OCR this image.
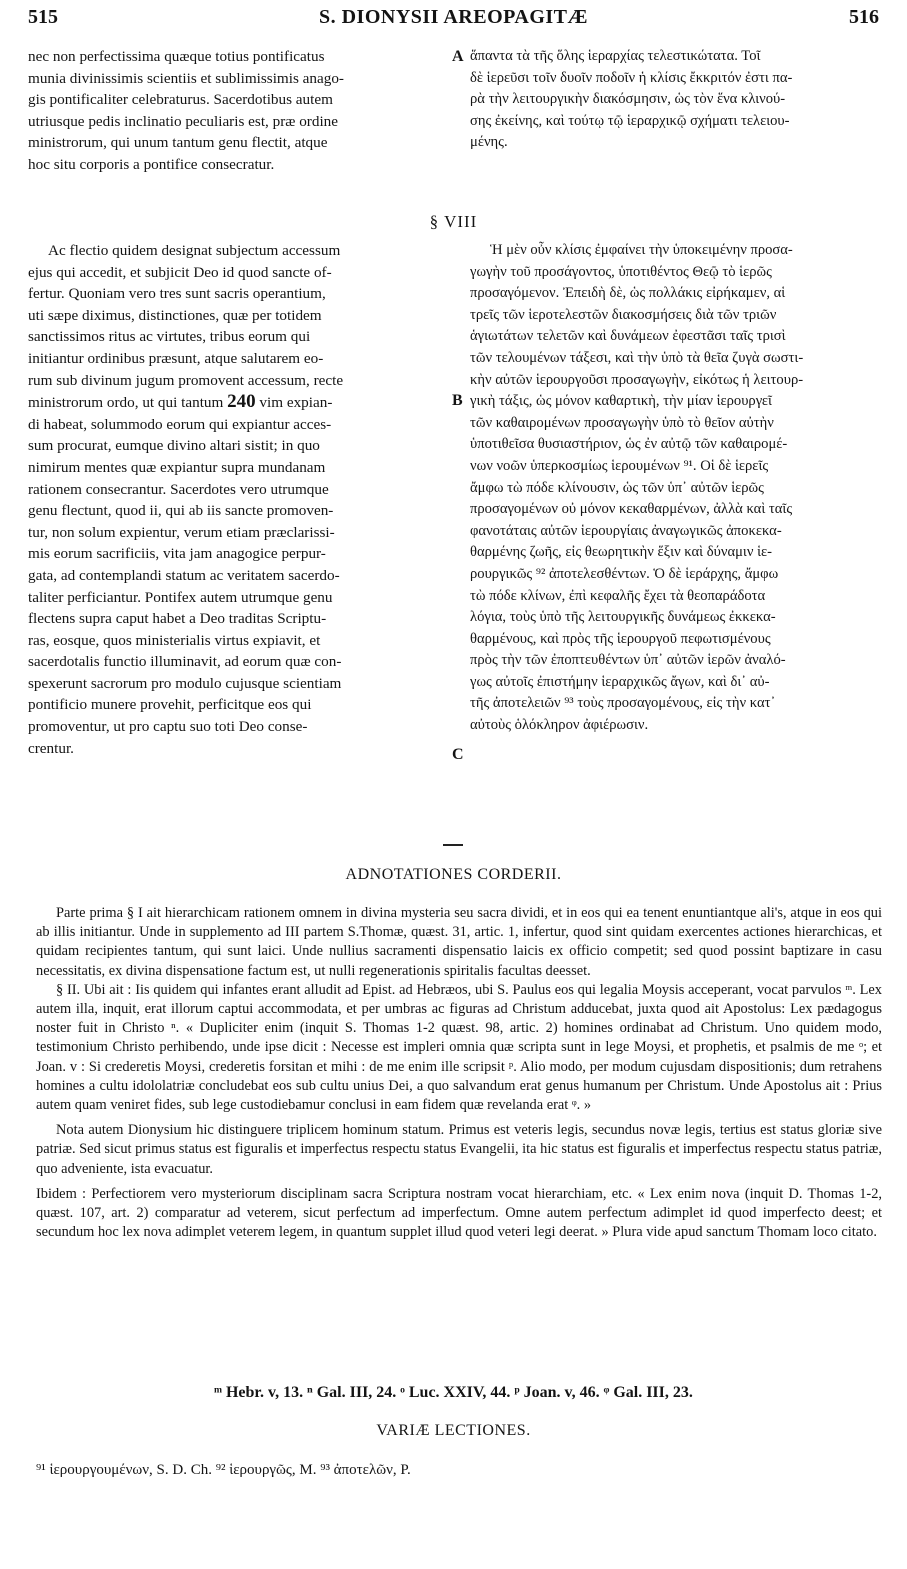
515	S. DIONYSII AREOPAGITÆ	516
nec non perfectissima quæque totius pontificatus
munia divinissimis scientiis et sublimissimis anago-
gis pontificaliter celebraturus. Sacerdotibus autem
utriusque pedis inclinatio peculiaris est, præ ordine
ministrorum, qui unum tantum genu flectit, atque
hoc situ corporis a pontifice consecratur.
A ἅπαντα τὰ τῆς ὅλης ἱεραρχίας τελεστικώτατα. Τοῖ
δὲ ἱερεῦσι τοῖν δυοῖν ποδοῖν ἡ κλίσις ἔκκριτόν ἐστι πα-
ρὰ τὴν λειτουργικὴν διακόσμησιν, ὡς τὸν ἕνα κλινού-
σης ἐκείνης, καὶ τούτῳ τῷ ἱεραρχικῷ σχήματι τελειου-
μένης.
§ VIII
Ac flectio quidem designat subjectum accessum
ejus qui accedit, et subjicit Deo id quod sancte of-
fertur. Quoniam vero tres sunt sacris operantium,
uti sæpe diximus, distinctiones, quæ per totidem
sanctissimos ritus ac virtutes, tribus eorum qui
initiantur ordinibus præsunt, atque salutarem eo-
rum sub divinum jugum promovent accessum, recte
ministrorum ordo, ut qui tantum 240 vim expian-
di habeat, solummodo eorum qui expiantur acces-
sum procurat, eumque divino altari sistit; in quo
nimirum mentes quæ expiantur supra mundanam
rationem consecrantur. Sacerdotes vero utrumque
genu flectunt, quod ii, qui ab iis sancte promoven-
tur, non solum expientur, verum etiam præclarissi-
mis eorum sacrificiis, vita jam anagogice perpur-
gata, ad contemplandi statum ac veritatem sacerdo-
taliter perficiantur. Pontifex autem utrumque genu
flectens supra caput habet a Deo traditas Scriptu-
ras, eosque, quos ministerialis virtus expiavit, et
sacerdotalis functio illuminavit, ad eorum quæ con-
spexerunt sacrorum pro modulo cujusque scientiam
pontificio munere provehit, perficitque eos qui
promoventur, ut pro captu suo toti Deo conse-
crentur.
B
C
Ἡ μὲν οὖν κλίσις ἐμφαίνει τὴν ὑποκειμένην προσα-
γωγὴν τοῦ προσάγοντος, ὑποτιθέντος Θεῷ τὸ ἱερῶς
προσαγόμενον. Ἐπειδὴ δὲ, ὡς πολλάκις εἰρήκαμεν, αἱ
τρεῖς τῶν ἱεροτελεστῶν διακοσμήσεις διὰ τῶν τριῶν
ἁγιωτάτων τελετῶν καὶ δυνάμεων ἐφεστᾶσι ταῖς τρισὶ
τῶν τελουμένων τάξεσι, καὶ τὴν ὑπὸ τὰ θεῖα ζυγὰ σωστι-
κὴν αὐτῶν ἱερουργοῦσι προσαγωγὴν, εἰκότως ἡ λειτουρ-
γικὴ τάξις, ὡς μόνον καθαρτικὴ, τὴν μίαν ἱερουργεῖ
τῶν καθαιρομένων προσαγωγὴν ὑπὸ τὸ θεῖον αὐτὴν
ὑποτιθεῖσα θυσιαστήριον, ὡς ἐν αὐτῷ τῶν καθαιρομέ-
νων νοῶν ὑπερκοσμίως ἱερουμένων ⁹¹. Οἱ δὲ ἱερεῖς
ἄμφω τὼ πόδε κλίνουσιν, ὡς τῶν ὑπ᾽ αὐτῶν ἱερῶς
προσαγομένων οὐ μόνον κεκαθαρμένων, ἀλλὰ καὶ ταῖς
φανοτάταις αὐτῶν ἱερουργίαις ἀναγωγικῶς ἀποκεκα-
θαρμένης ζωῆς, εἰς θεωρητικὴν ἕξιν καὶ δύναμιν ἱε-
ρουργικῶς ⁹² ἀποτελεσθέντων. Ὁ δὲ ἱεράρχης, ἄμφω
τὼ πόδε κλίνων, ἐπὶ κεφαλῆς ἔχει τὰ θεοπαράδοτα
λόγια, τοὺς ὑπὸ τῆς λειτουργικῆς δυνάμεως ἐκκεκα-
θαρμένους, καὶ πρὸς τῆς ἱερουργοῦ πεφωτισμένους
πρὸς τὴν τῶν ἐποπτευθέντων ὑπ᾽ αὐτῶν ἱερῶν ἀναλό-
γως αὐτοῖς ἐπιστήμην ἱεραρχικῶς ἄγων, καὶ δι᾽ αὐ-
τῆς ἀποτελειῶν ⁹³ τοὺς προσαγομένους, εἰς τὴν κατ᾽
αὐτοὺς ὁλόκληρον ἀφιέρωσιν.
ADNOTATIONES CORDERII.

Parte prima § I ait hierarchicam rationem omnem in divina mysteria seu sacra dividi, et in eos qui ea tenent enuntiantque ali's, atque in eos qui ab illis initiantur. Unde in supplemento ad III partem S.Thomæ, quæst. 31, artic. 1, infertur, quod sint quidam exercentes actiones hierarchicas, et quidam recipientes tantum, qui sunt laici. Unde nullius sacramenti dispensatio laicis ex officio competit; sed quod possint baptizare in casu necessitatis, ex divina dispensatione factum est, ut nulli regenerationis spiritalis facultas deesset.

§ II. Ubi ait : Iis quidem qui infantes erant alludit ad Epist. ad Hebræos, ubi S. Paulus eos qui legalia Moysis acceperant, vocat parvulos ᵐ. Lex autem illa, inquit, erat illorum captui accommodata, et per umbras ac figuras ad Christum adducebat, juxta quod ait Apostolus: Lex pædagogus noster fuit in Christo ⁿ. « Dupliciter enim (inquit S. Thomas 1-2 quæst. 98, artic. 2) homines ordinabat ad Christum. Uno quidem modo, testimonium Christo perhibendo, unde ipse dicit : Necesse est impleri omnia quæ scripta sunt in lege Moysi, et prophetis, et psalmis de me ᵒ; et Joan. v : Si crederetis Moysi, crederetis forsitan et mihi : de me enim ille scripsit ᵖ. Alio modo, per modum cujusdam dispositionis; dum retrahens homines a cultu idololatriæ concludebat eos sub cultu unius Dei, a quo salvandum erat genus humanum per Christum. Unde Apostolus ait : Prius autem quam veniret fides, sub lege custodiebamur conclusi in eam fidem quæ revelanda erat ᵠ. »

Nota autem Dionysium hic distinguere triplicem hominum statum. Primus est veteris legis, secundus novæ legis, tertius est status gloriæ sive patriæ. Sed sicut primus status est figuralis et imperfectus respectu status Evangelii, ita hic status est figuralis et imperfectus respectu status patriæ, quo adveniente, ista evacuatur.

Ibidem : Perfectiorem vero mysteriorum disciplinam sacra Scriptura nostram vocat hierarchiam, etc. « Lex enim nova (inquit D. Thomas 1-2, quæst. 107, art. 2) comparatur ad veterem, sicut perfectum ad imperfectum. Omne autem perfectum adimplet id quod imperfecto deest; et secundum hoc lex nova adimplet veterem legem, in quantum supplet illud quod veteri legi deerat. » Plura vide apud sanctum Thomam loco citato.

ᵐ Hebr. v, 13. ⁿ Gal. III, 24. ᵒ Luc. XXIV, 44. ᵖ Joan. v, 46. ᵠ Gal. III, 23.
VARIÆ LECTIONES.
⁹¹ ἱερουργουμένων, S. D. Ch. ⁹² ἱερουργῶς, M. ⁹³ ἀποτελῶν, P.
